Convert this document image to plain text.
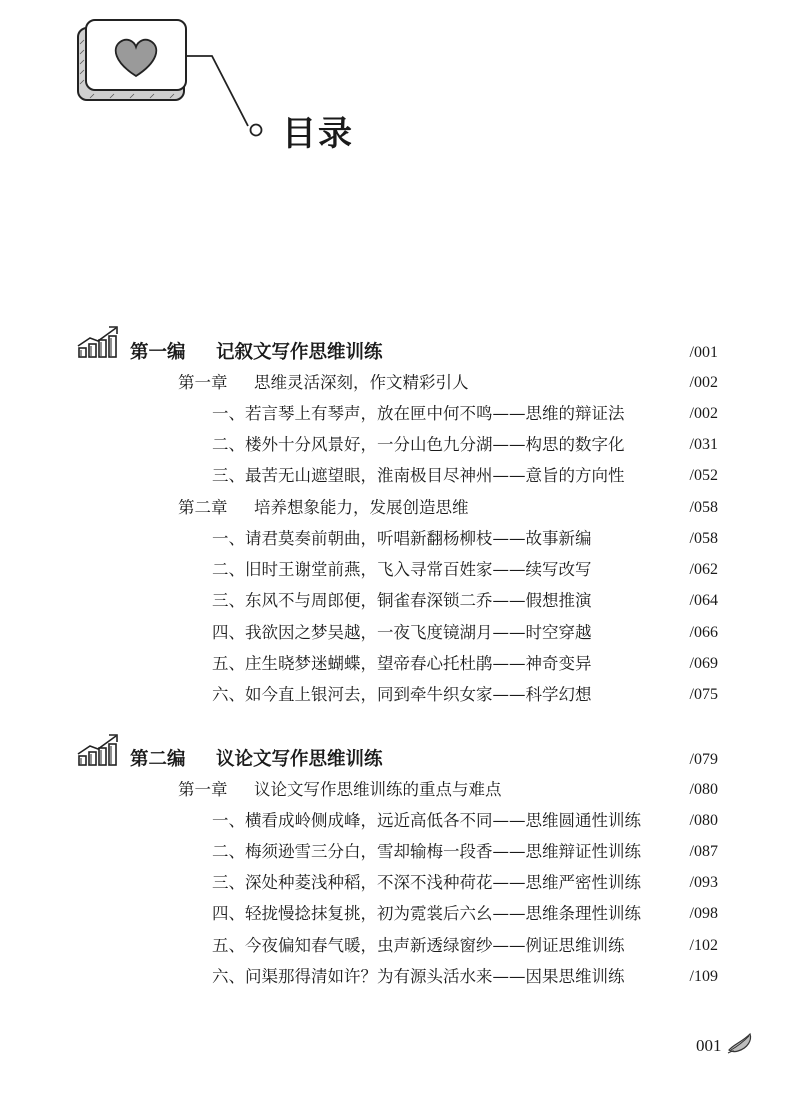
目录
第一编 记叙文写作思维训练	/001
第一章 思维灵活深刻，作文精彩引人	/002
一、若言琴上有琴声，放在匣中何不鸣——思维的辩证法	/002
二、楼外十分风景好，一分山色九分湖——构思的数字化	/031
三、最苦无山遮望眼，淮南极目尽神州——意旨的方向性	/052
第二章 培养想象能力，发展创造思维	/058
一、请君莫奏前朝曲，听唱新翻杨柳枝——故事新编	/058
二、旧时王谢堂前燕，飞入寻常百姓家——续写改写	/062
三、东风不与周郎便，铜雀春深锁二乔——假想推演	/064
四、我欲因之梦吴越，一夜飞度镜湖月——时空穿越	/066
五、庄生晓梦迷蝴蝶，望帝春心托杜鹃——神奇变异	/069
六、如今直上银河去，同到牵牛织女家——科学幻想	/075
第二编 议论文写作思维训练	/079
第一章 议论文写作思维训练的重点与难点	/080
一、横看成岭侧成峰，远近高低各不同——思维圆通性训练	/080
二、梅须逊雪三分白，雪却输梅一段香——思维辩证性训练	/087
三、深处种菱浅种稻，不深不浅种荷花——思维严密性训练	/093
四、轻拢慢捻抹复挑，初为霓裳后六幺——思维条理性训练	/098
五、今夜偏知春气暖，虫声新透绿窗纱——例证思维训练	/102
六、问渠那得清如许？为有源头活水来——因果思维训练	/109
001
